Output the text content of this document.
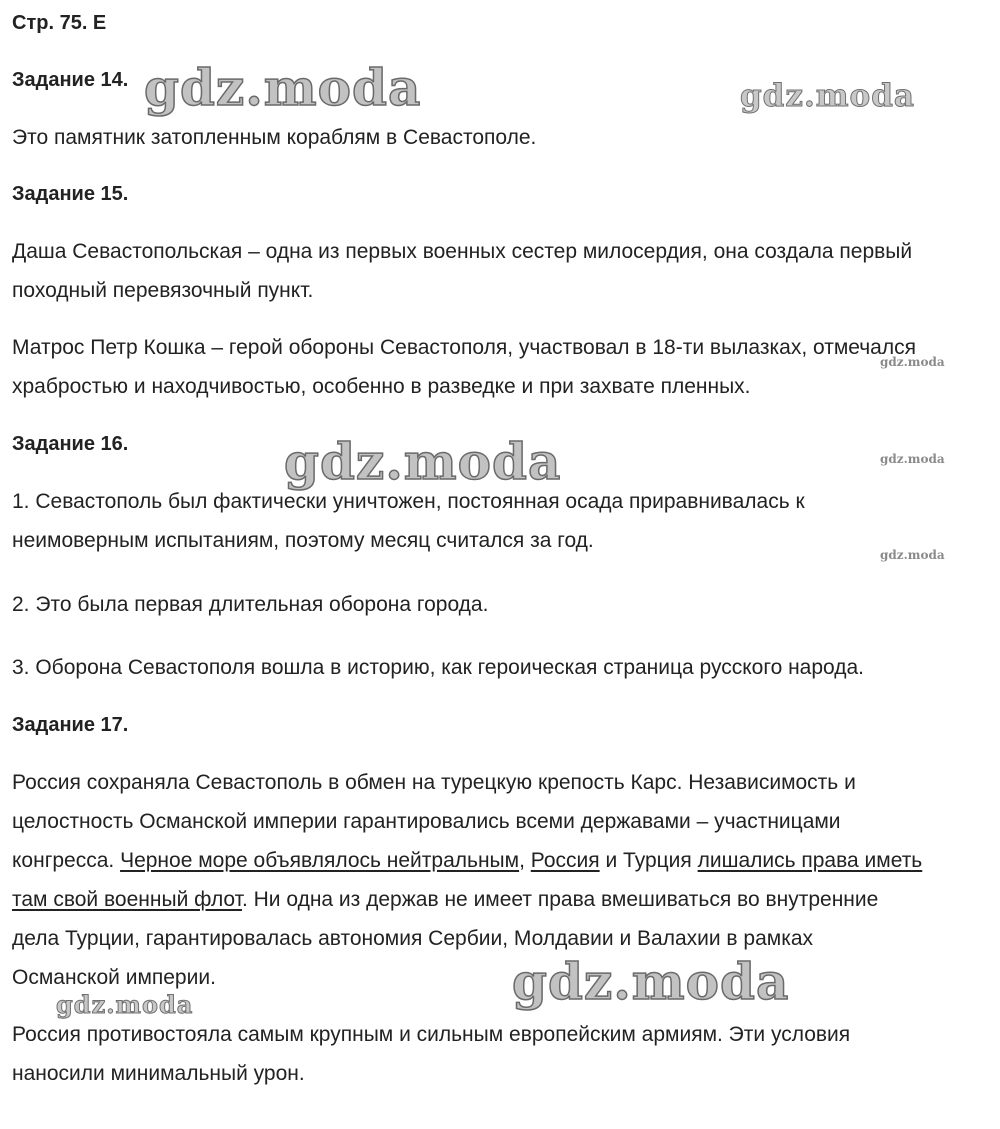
Стр. 75. Е

Задание 14.

Это памятник затопленным кораблям в Севастополе.

Задание 15.

Даша Севастопольская – одна из первых военных сестер милосердия, она создала первый

походный перевязочный пункт.

Матрос Петр Кошка – герой обороны Севастополя, участвовал в 18-ти вылазках, отмечался

храбростью и находчивостью, особенно в разведке и при захвате пленных.

Задание 16.

1. Севастополь был фактически уничтожен, постоянная осада приравнивалась к

неимоверным испытаниям, поэтому месяц считался за год.

2. Это была первая длительная оборона города.

3. Оборона Севастополя вошла в историю, как героическая страница русского народа.

Задание 17.

Россия сохраняла Севастополь в обмен на турецкую крепость Карс. Независимость и

целостность Османской империи гарантировались всеми державами – участницами

конгресса. Черное море объявлялось нейтральным, Россия и Турция лишались права иметь

там свой военный флот. Ни одна из держав не имеет права вмешиваться во внутренние

дела Турции, гарантировалась автономия Сербии, Молдавии и Валахии в рамках

Османской империи.

Россия противостояла самым крупным и сильным европейским армиям. Эти условия

наносили минимальный урон.

gdz.moda	gdz.moda
gdz.moda
gdz.moda	gdz.moda
gdz.moda
gdz.moda
gdz.moda
